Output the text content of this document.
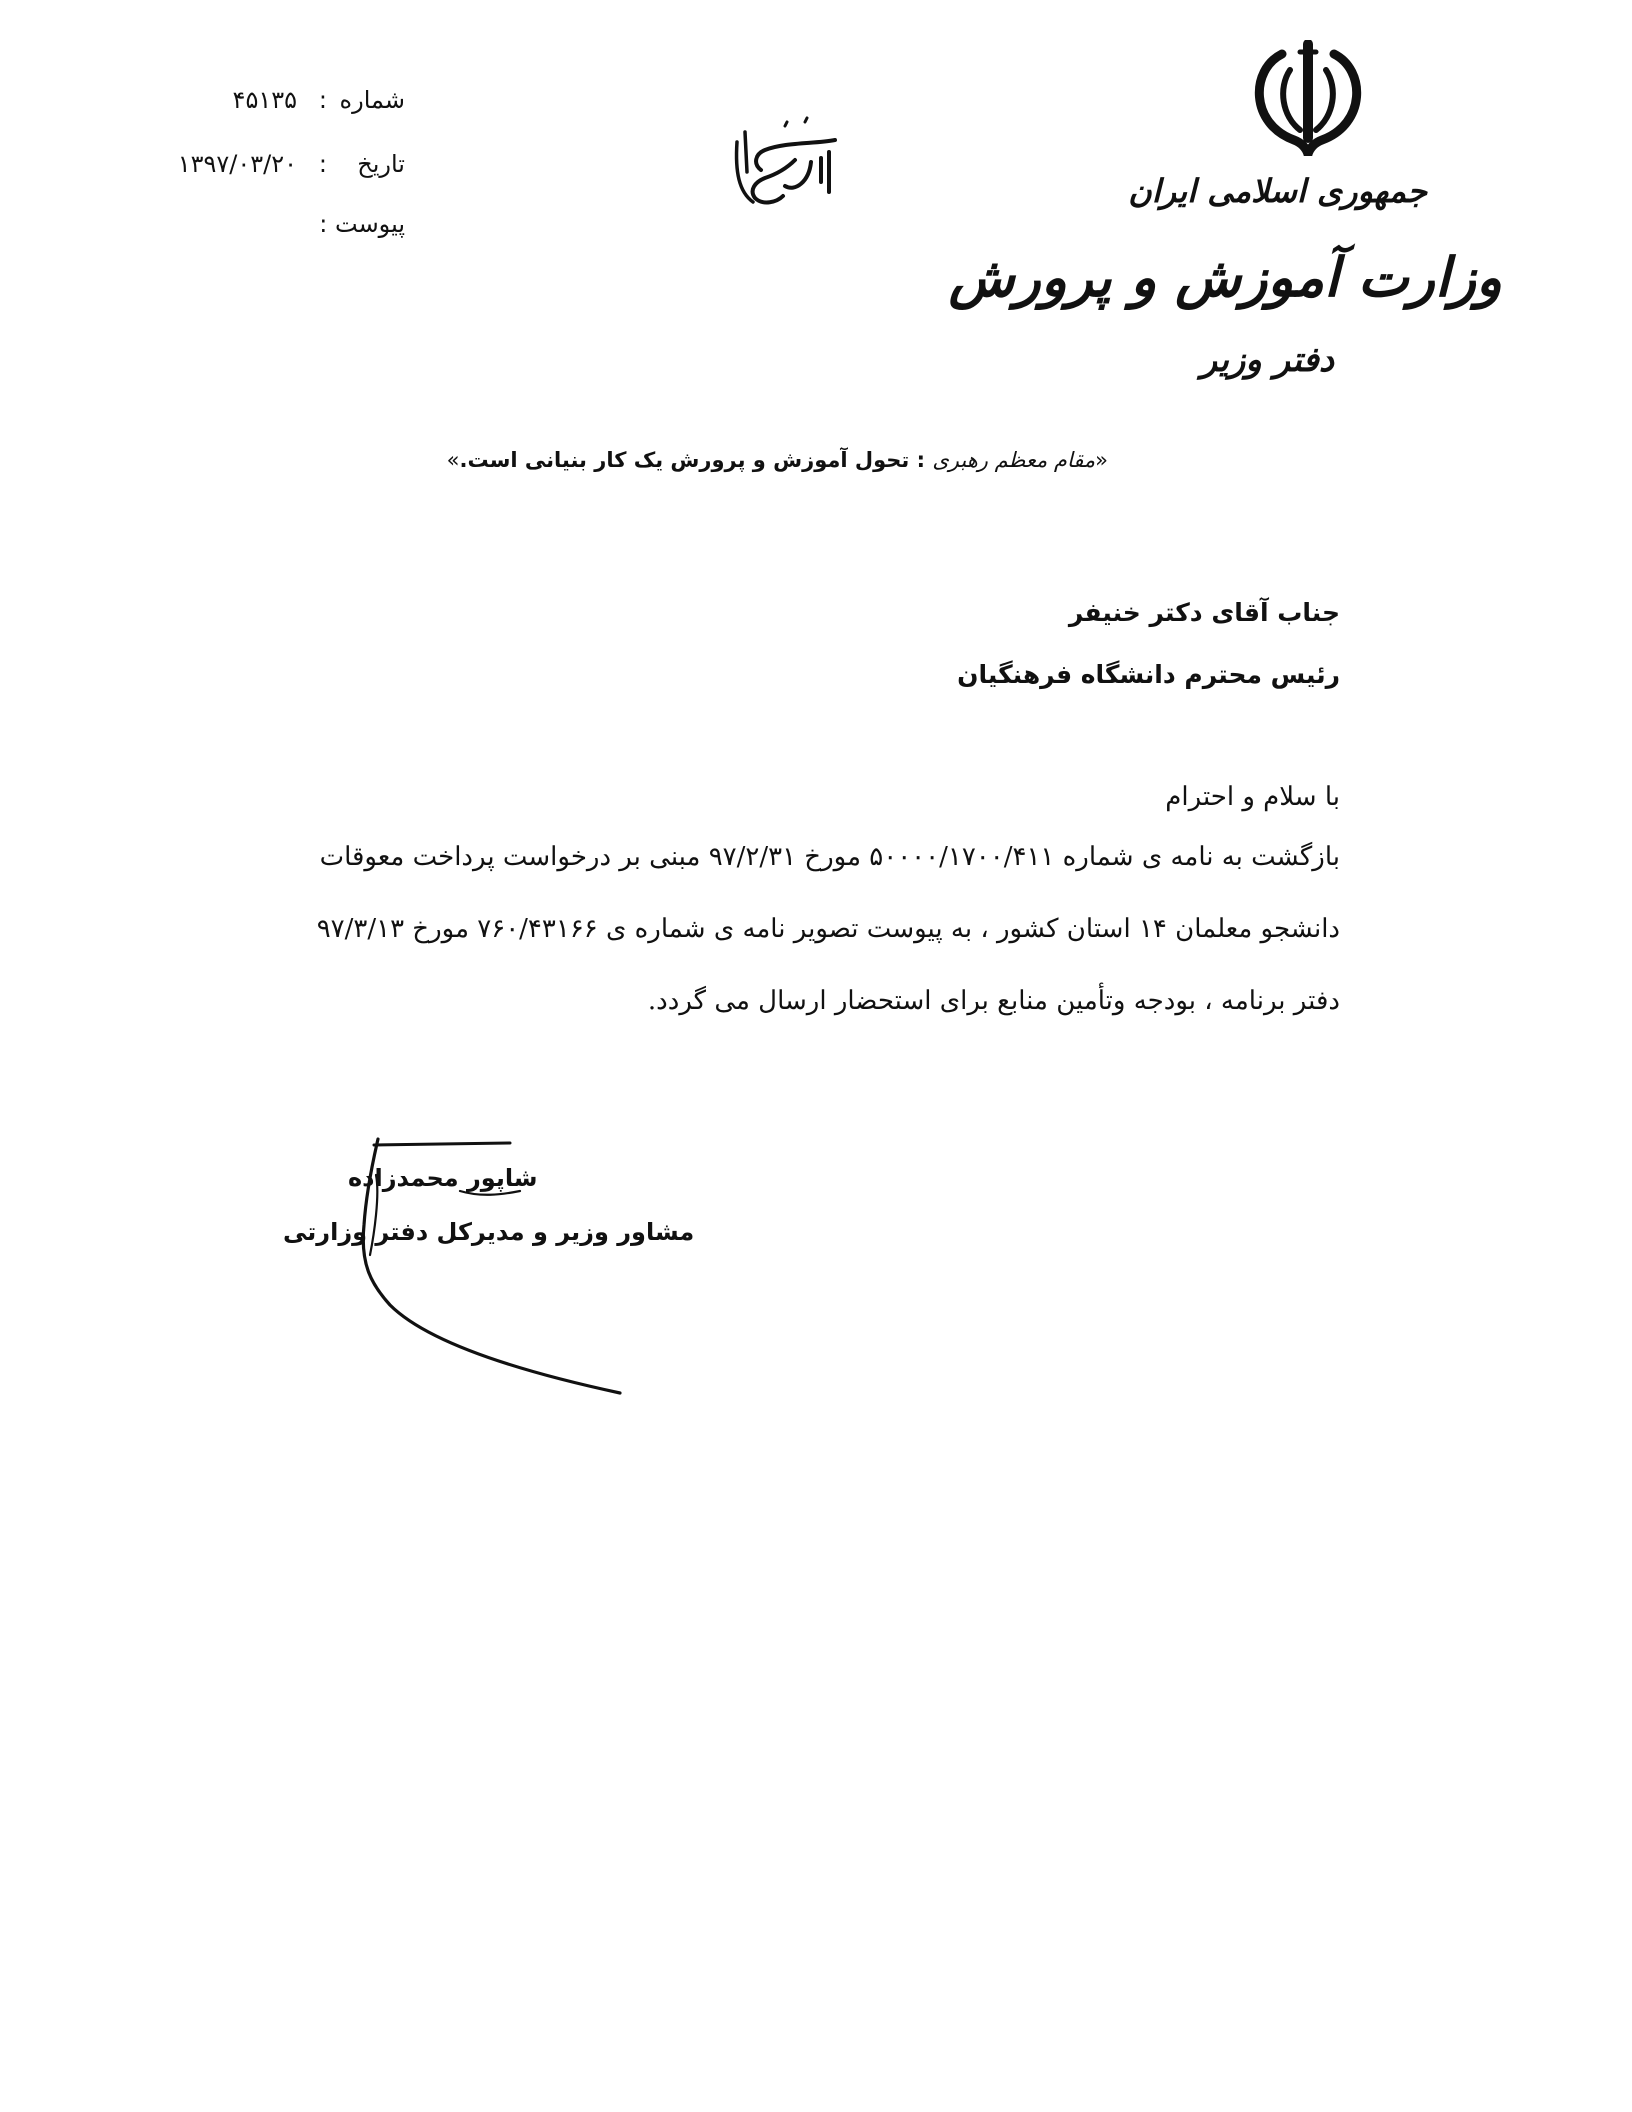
شماره
:
۴۵۱۳۵
تاریخ
:
۱۳۹۷/۰۳/۲۰
پیوست :
جمهوری اسلامی ایران
وزارت آموزش و پرورش
دفتر وزیر
«مقام معظم رهبری : تحول آموزش و پرورش یک کار بنیانی است.»
جناب آقای دکتر خنیفر
رئیس محترم دانشگاه فرهنگیان
با سلام و احترام
بازگشت به نامه ی شماره ۵۰۰۰۰/۱۷۰۰/۴۱۱ مورخ ۹۷/۲/۳۱ مبنی بر درخواست پرداخت معوقات
دانشجو معلمان ۱۴ استان کشور ، به پیوست تصویر نامه ی شماره ی ۷۶۰/۴۳۱۶۶ مورخ ۹۷/۳/۱۳
دفتر برنامه ، بودجه وتأمین منابع برای استحضار ارسال می گردد.
شاپور محمدزاده
مشاور وزیر و مدیرکل دفتر وزارتی
